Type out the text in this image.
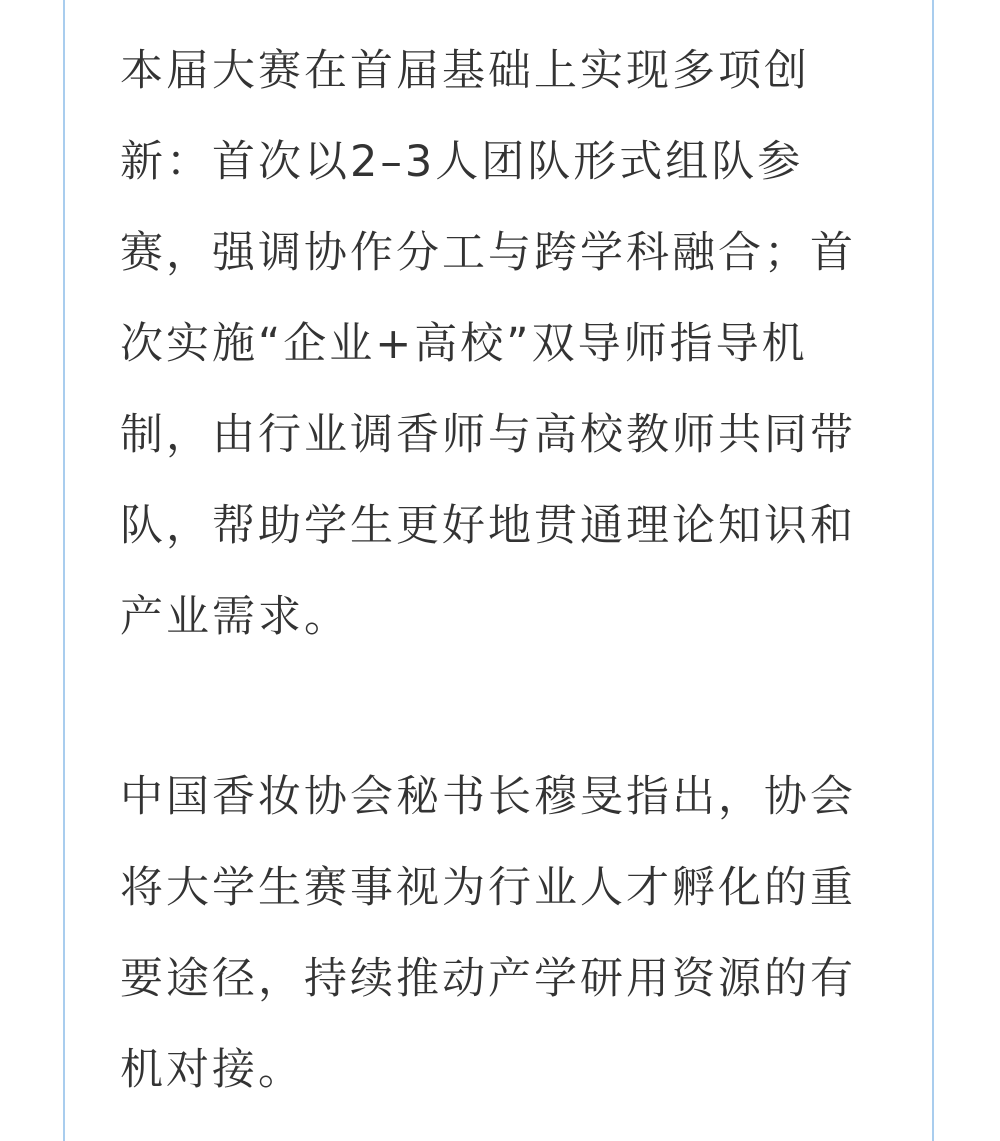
本届大赛在首届基础上实现多项创
新：首次以2–3人团队形式组队参
赛，强调协作分工与跨学科融合；首
次实施“企业+高校”双导师指导机
制，由行业调香师与高校教师共同带
队，帮助学生更好地贯通理论知识和
产业需求。

中国香妆协会秘书长穆旻指出，协会
将大学生赛事视为行业人才孵化的重
要途径，持续推动产学研用资源的有
机对接。
